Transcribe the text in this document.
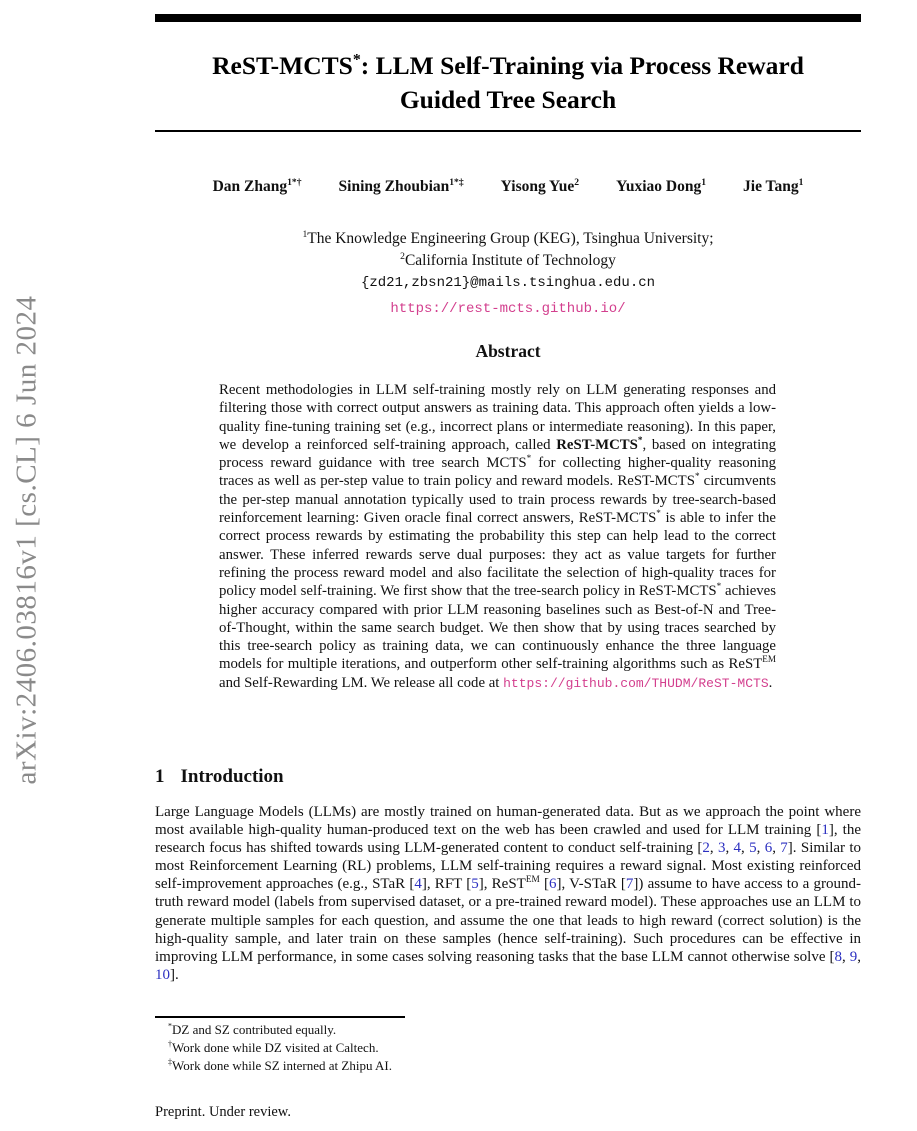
arXiv:2406.03816v1 [cs.CL] 6 Jun 2024
ReST-MCTS*: LLM Self-Training via Process Reward
Guided Tree Search
Dan Zhang$^{1*\dagger}$ Sining Zhoubian$^{1*\ddagger}$ Yisong Yue$^2$ Yuxiao Dong$^1$ Jie Tang$^1$
$^1$The Knowledge Engineering Group (KEG), Tsinghua University;
$^2$California Institute of Technology
{zd21,zbsn21}@mails.tsinghua.edu.cn
https://rest-mcts.github.io/
Abstract
Recent methodologies in LLM self-training mostly rely on LLM generating responses and filtering those with correct output answers as training data. This approach often yields a low-quality fine-tuning training set (e.g., incorrect plans or intermediate reasoning). In this paper, we develop a reinforced self-training approach, called ReST-MCTS*, based on integrating process reward guidance with tree search MCTS* for collecting higher-quality reasoning traces as well as per-step value to train policy and reward models. ReST-MCTS* circumvents the per-step manual annotation typically used to train process rewards by tree-search-based reinforcement learning: Given oracle final correct answers, ReST-MCTS* is able to infer the correct process rewards by estimating the probability this step can help lead to the correct answer. These inferred rewards serve dual purposes: they act as value targets for further refining the process reward model and also facilitate the selection of high-quality traces for policy model self-training. We first show that the tree-search policy in ReST-MCTS* achieves higher accuracy compared with prior LLM reasoning baselines such as Best-of-N and Tree-of-Thought, within the same search budget. We then show that by using traces searched by this tree-search policy as training data, we can continuously enhance the three language models for multiple iterations, and outperform other self-training algorithms such as ReST$^{EM}$ and Self-Rewarding LM. We release all code at https://github.com/THUDM/ReST-MCTS.
1 Introduction
Large Language Models (LLMs) are mostly trained on human-generated data. But as we approach the point where most available high-quality human-produced text on the web has been crawled and used for LLM training [1], the research focus has shifted towards using LLM-generated content to conduct self-training [2, 3, 4, 5, 6, 7]. Similar to most Reinforcement Learning (RL) problems, LLM self-training requires a reward signal. Most existing reinforced self-improvement approaches (e.g., STaR [4], RFT [5], ReST$^{EM}$ [6], V-STaR [7]) assume to have access to a ground-truth reward model (labels from supervised dataset, or a pre-trained reward model). These approaches use an LLM to generate multiple samples for each question, and assume the one that leads to high reward (correct solution) is the high-quality sample, and later train on these samples (hence self-training). Such procedures can be effective in improving LLM performance, in some cases solving reasoning tasks that the base LLM cannot otherwise solve [8, 9, 10].
*DZ and SZ contributed equally.
†Work done while DZ visited at Caltech.
‡Work done while SZ interned at Zhipu AI.
Preprint. Under review.
